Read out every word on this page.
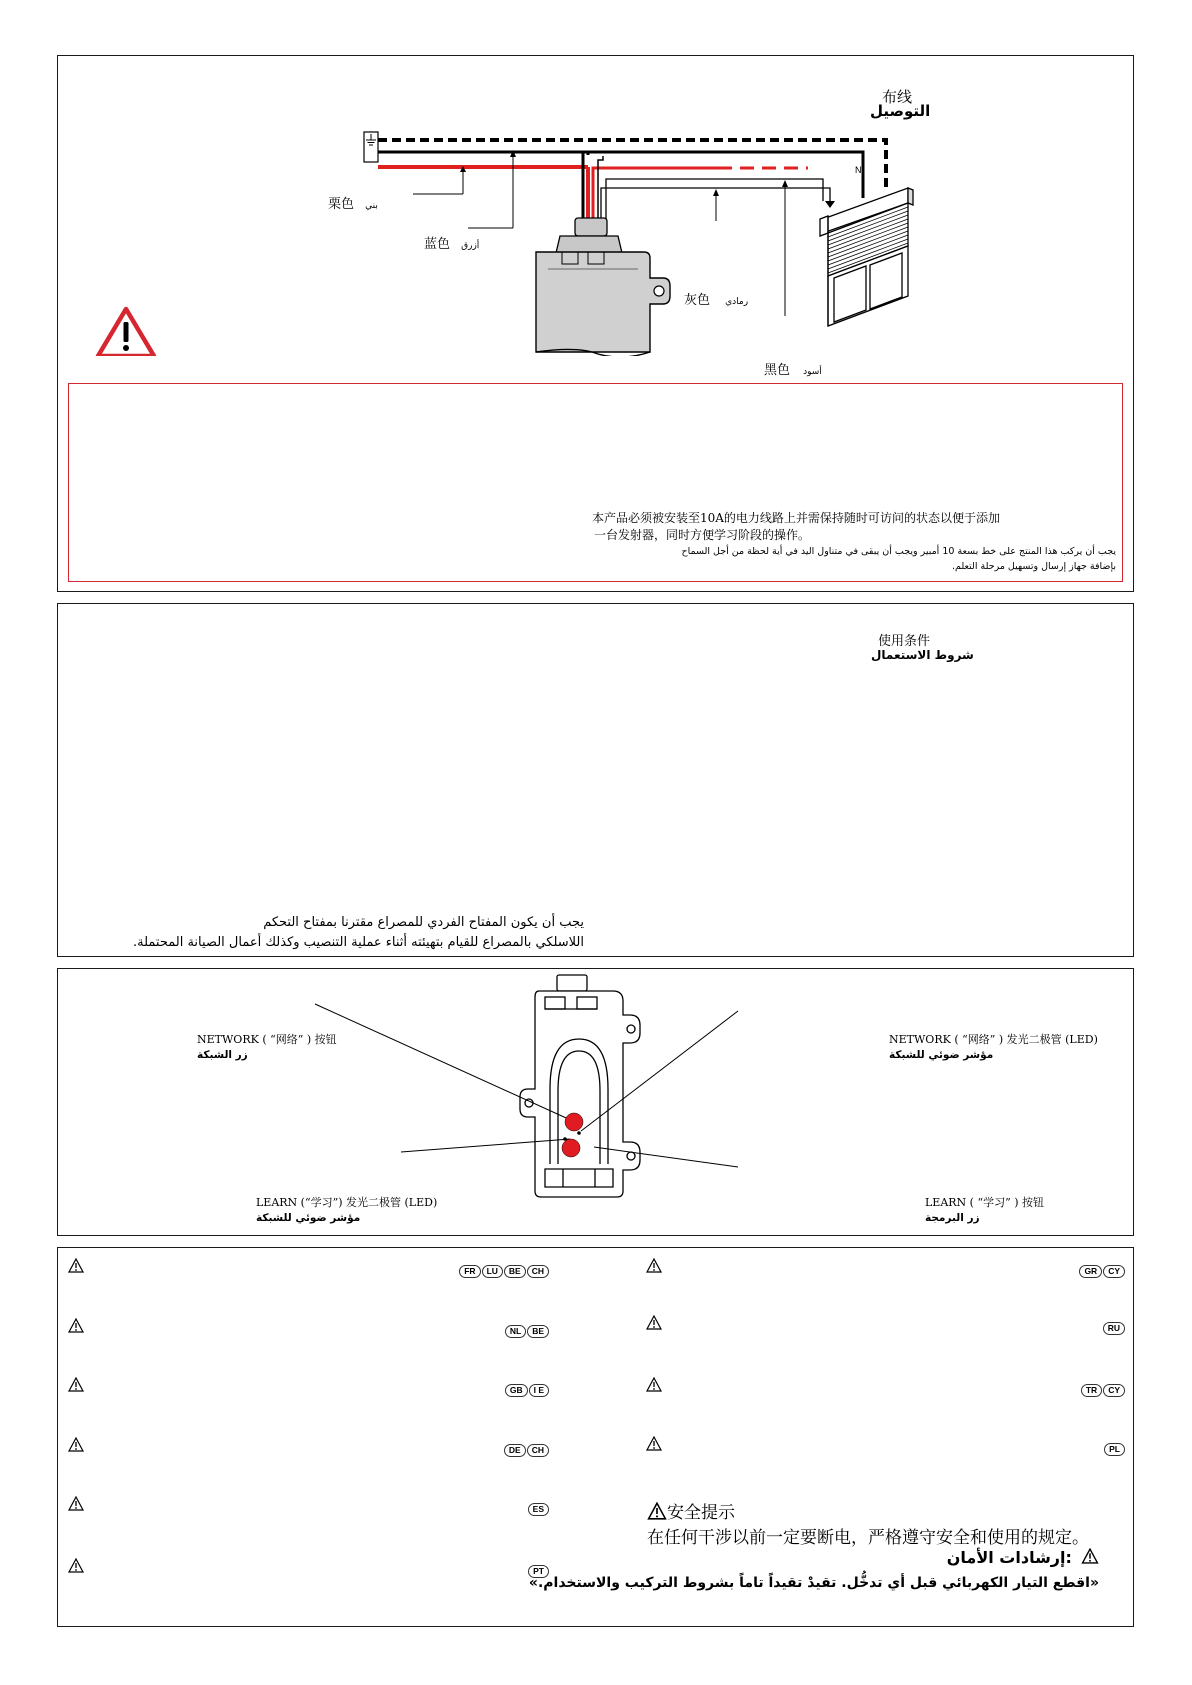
布线
التوصيل
N
栗色 بني
蓝色 أزرق
灰色 رمادي
黑色 أسود
本产品必须被安装至10A的电力线路上并需保持随时可访问的状态以便于添加
一台发射器，同时方便学习阶段的操作。
يجب أن يركب هذا المنتج على خط بسعة 10 أمبير ويجب أن يبقى في متناول اليد في أية لحظة من أجل السماح
بإضافة جهاز إرسال وتسهيل مرحلة التعلم.
使用条件
شروط الاستعمال
يجب أن يكون المفتاح الفردي للمصراع مقترنا بمفتاح التحكم
اللاسلكي بالمصراع للقيام بتهيئته أثناء عملية التنصيب وكذلك أعمال الصيانة المحتملة.
NETWORK ( “网络” ) 按钮
زر الشبكة
NETWORK ( “网络” ) 发光二极管 (LED)
مؤشر ضوئي للشبكة
LEARN (“学习”) 发光二极管 (LED)
مؤشر ضوئي للشبكة
LEARN ( “学习” ) 按钮
زر البرمجة
FR LU BE CH
NL BE
GB I E
DE CH
ES
PT
GR CY
RU
TR CY
PL
安全提示
在任何干涉以前一定要断电，严格遵守安全和使用的规定。
إرشادات الأمان:
«اقطع التيار الكهربائي قبل أي تدخُّل. تقيدْ تقيداً تاماً بشروط التركيب والاستخدام.»
